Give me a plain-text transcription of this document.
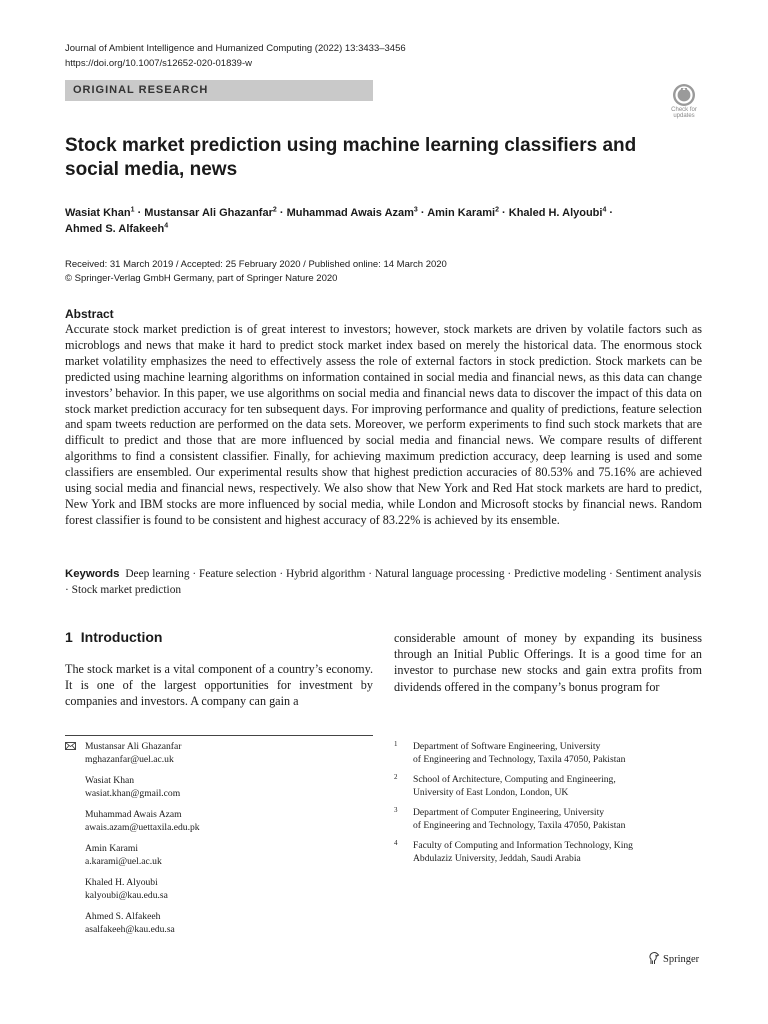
Journal of Ambient Intelligence and Humanized Computing (2022) 13:3433–3456
https://doi.org/10.1007/s12652-020-01839-w
ORIGINAL RESEARCH
Check for
updates
Stock market prediction using machine learning classifiers and social media, news
Wasiat Khan$^1$ · Mustansar Ali Ghazanfar$^2$ · Muhammad Awais Azam$^3$ · Amin Karami$^2$ · Khaled H. Alyoubi$^4$ ·
Ahmed S. Alfakeeh$^4$
Received: 31 March 2019 / Accepted: 25 February 2020 / Published online: 14 March 2020
© Springer-Verlag GmbH Germany, part of Springer Nature 2020
Abstract
Accurate stock market prediction is of great interest to investors; however, stock markets are driven by volatile factors such as microblogs and news that make it hard to predict stock market index based on merely the historical data. The enormous stock market volatility emphasizes the need to effectively assess the role of external factors in stock prediction. Stock markets can be predicted using machine learning algorithms on information contained in social media and financial news, as this data can change investors’ behavior. In this paper, we use algorithms on social media and financial news data to discover the impact of this data on stock market prediction accuracy for ten subsequent days. For improving performance and quality of predictions, feature selection and spam tweets reduction are performed on the data sets. Moreover, we perform experiments to find such stock markets that are difficult to predict and those that are more influenced by social media and financial news. We compare results of different algorithms to find a consistent classifier. Finally, for achieving maximum prediction accuracy, deep learning is used and some classifiers are ensembled. Our experimental results show that highest prediction accuracies of 80.53% and 75.16% are achieved using social media and financial news, respectively. We also show that New York and Red Hat stock markets are hard to predict, New York and IBM stocks are more influenced by social media, while London and Microsoft stocks by financial news. Random forest classifier is found to be consistent and highest accuracy of 83.22% is achieved by its ensemble.
Keywords Deep learning · Feature selection · Hybrid algorithm · Natural language processing · Predictive modeling · Sentiment analysis · Stock market prediction
1 Introduction
The stock market is a vital component of a country’s economy. It is one of the largest opportunities for investment by companies and investors. A company can gain a
considerable amount of money by expanding its business through an Initial Public Offerings. It is a good time for an investor to purchase new stocks and gain extra profits from dividends offered in the company’s bonus program for
Mustansar Ali Ghazanfar
mghazanfar@uel.ac.uk
Wasiat Khan
wasiat.khan@gmail.com
Muhammad Awais Azam
awais.azam@uettaxila.edu.pk
Amin Karami
a.karami@uel.ac.uk
Khaled H. Alyoubi
kalyoubi@kau.edu.sa
Ahmed S. Alfakeeh
asalfakeeh@kau.edu.sa
1 Department of Software Engineering, University
of Engineering and Technology, Taxila 47050, Pakistan
2 School of Architecture, Computing and Engineering,
University of East London, London, UK
3 Department of Computer Engineering, University
of Engineering and Technology, Taxila 47050, Pakistan
4 Faculty of Computing and Information Technology, King
Abdulaziz University, Jeddah, Saudi Arabia
Springer
